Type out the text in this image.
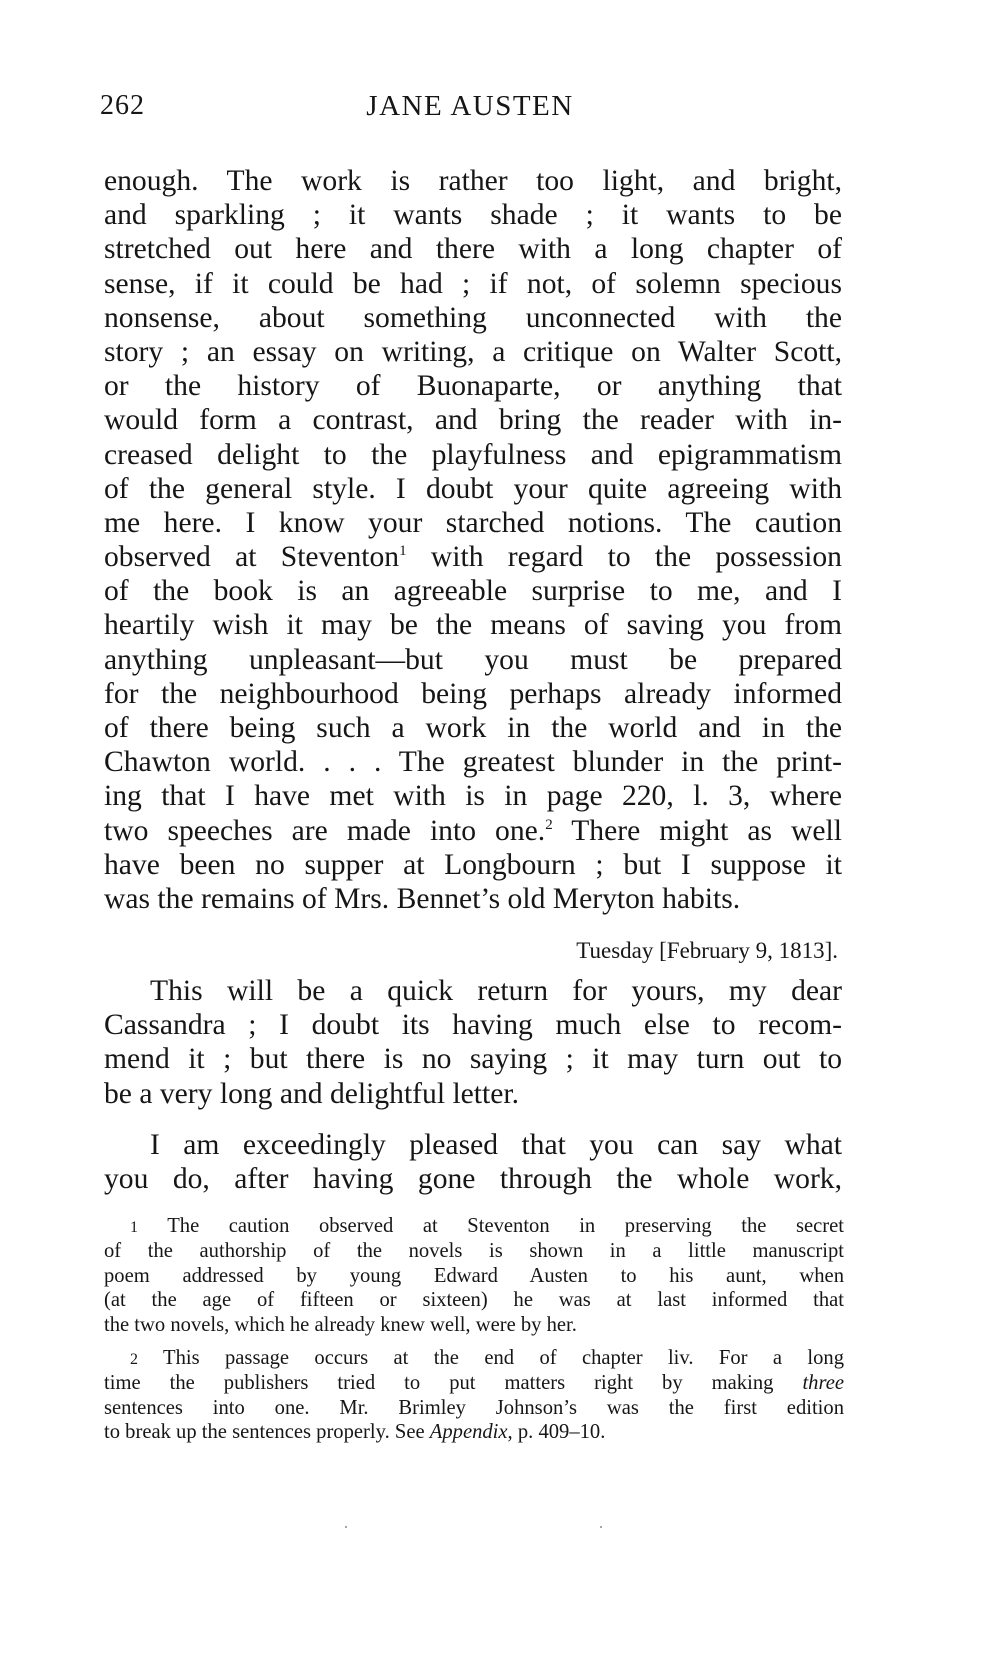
262	JANE AUSTEN
enough. The work is rather too light, and bright,
and sparkling ; it wants shade ; it wants to be
stretched out here and there with a long chapter of
sense, if it could be had ; if not, of solemn specious
nonsense, about something unconnected with the
story ; an essay on writing, a critique on Walter Scott,
or the history of Buonaparte, or anything that
would form a contrast, and bring the reader with in-
creased delight to the playfulness and epigrammatism
of the general style. I doubt your quite agreeing with
me here. I know your starched notions. The caution
observed at Steventon$^1$ with regard to the possession
of the book is an agreeable surprise to me, and I
heartily wish it may be the means of saving you from
anything unpleasant—but you must be prepared
for the neighbourhood being perhaps already informed
of there being such a work in the world and in the
Chawton world. . . . The greatest blunder in the print-
ing that I have met with is in page 220, l. 3, where
two speeches are made into one.$^2$ There might as well
have been no supper at Longbourn ; but I suppose it
was the remains of Mrs. Bennet’s old Meryton habits.
Tuesday [February 9, 1813].
This will be a quick return for yours, my dear
Cassandra ; I doubt its having much else to recom-
mend it ; but there is no saying ; it may turn out to
be a very long and delightful letter.
I am exceedingly pleased that you can say what
you do, after having gone through the whole work,
1 The caution observed at Steventon in preserving the secret
of the authorship of the novels is shown in a little manuscript
poem addressed by young Edward Austen to his aunt, when
(at the age of fifteen or sixteen) he was at last informed that
the two novels, which he already knew well, were by her.
2 This passage occurs at the end of chapter liv. For a long
time the publishers tried to put matters right by making three
sentences into one. Mr. Brimley Johnson’s was the first edition
to break up the sentences properly. See Appendix, p. 409–10.
